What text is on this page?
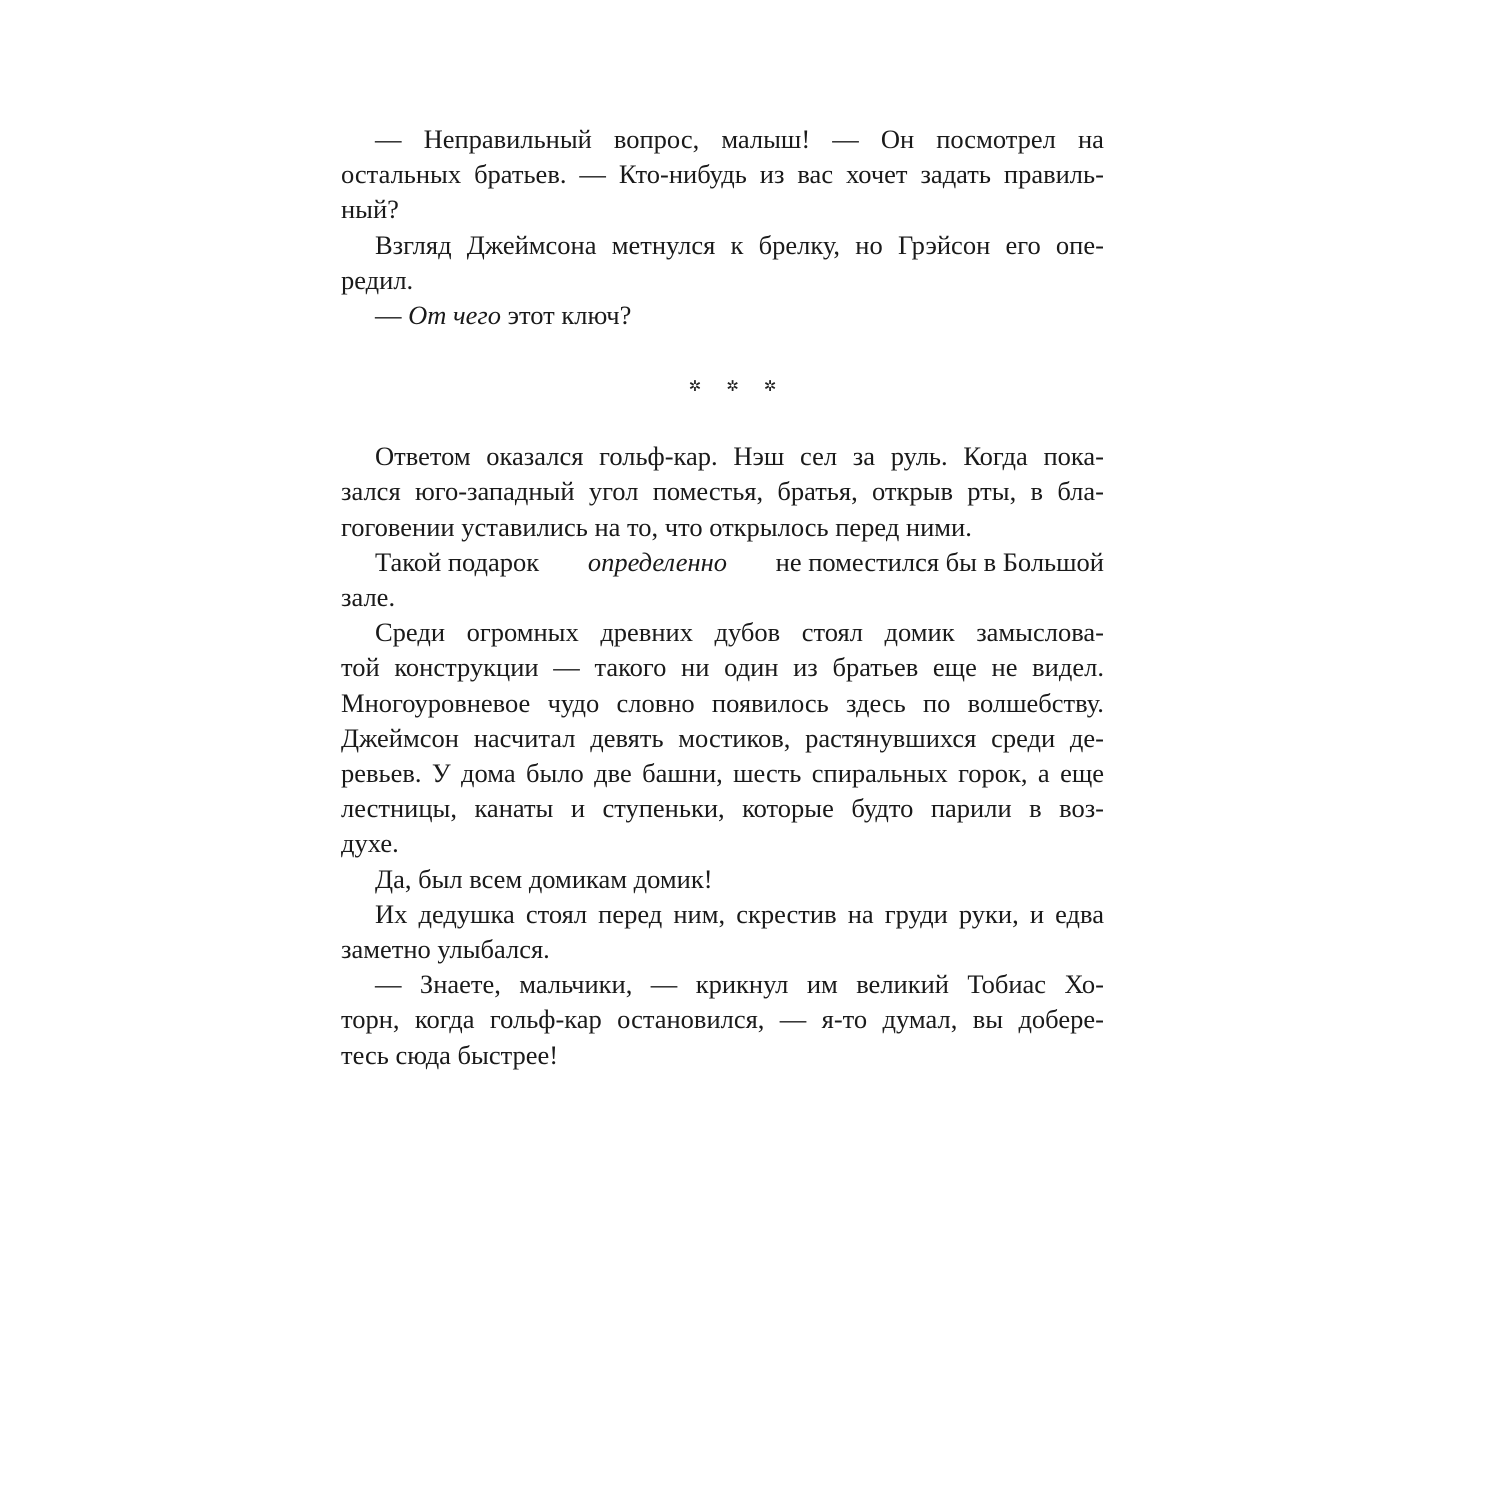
— Неправильный вопрос, малыш! — Он посмотрел на
остальных братьев. — Кто-нибудь из вас хочет задать правиль-
ный?
Взгляд Джеймсона метнулся к брелку, но Грэйсон его опе-
редил.
— От чего этот ключ?
✲ ✲ ✲
Ответом оказался гольф-кар. Нэш сел за руль. Когда пока-
зался юго-западный угол поместья, братья, открыв рты, в бла-
гоговении уставились на то, что открылось перед ними.
Такой подарок определенно не поместился бы в Большой
зале.
Среди огромных древних дубов стоял домик замыслова-
той конструкции — такого ни один из братьев еще не видел.
Многоуровневое чудо словно появилось здесь по волшебству.
Джеймсон насчитал девять мостиков, растянувшихся среди де-
ревьев. У дома было две башни, шесть спиральных горок, а еще
лестницы, канаты и ступеньки, которые будто парили в воз-
духе.
Да, был всем домикам домик!
Их дедушка стоял перед ним, скрестив на груди руки, и едва
заметно улыбался.
— Знаете, мальчики, — крикнул им великий Тобиас Хо-
торн, когда гольф-кар остановился, — я-то думал, вы добере-
тесь сюда быстрее!
